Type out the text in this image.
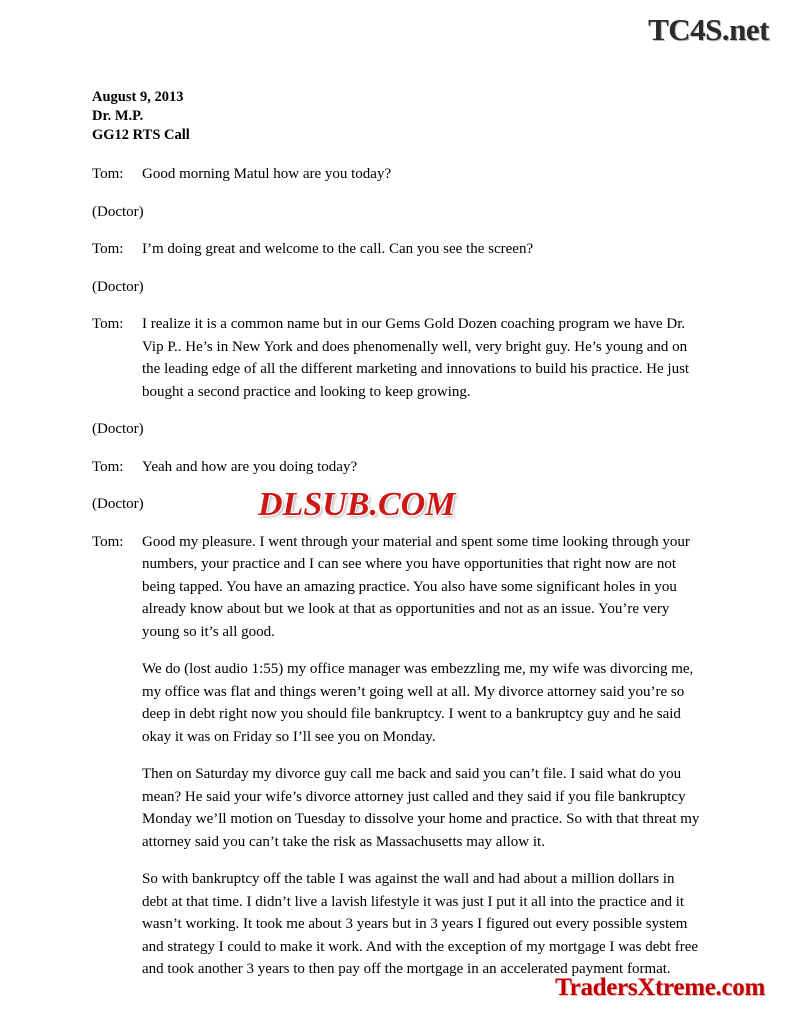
TC4S.net

August 9, 2013

Dr. M.P.

GG12 RTS Call

Tom:	Good morning Matul how are you today?
(Doctor)
Tom:	I’m doing great and welcome to the call. Can you see the screen?
(Doctor)
Tom:	I realize it is a common name but in our Gems Gold Dozen coaching program we have Dr. Vip P.. He’s in New York and does phenomenally well, very bright guy. He’s young and on the leading edge of all the different marketing and innovations to build his practice. He just bought a second practice and looking to keep growing.
(Doctor)
Tom:	Yeah and how are you doing today?
(Doctor)
Tom:	Good my pleasure. I went through your material and spent some time looking through your numbers, your practice and I can see where you have opportunities that right now are not being tapped. You have an amazing practice. You also have some significant holes in you already know about but we look at that as opportunities and not as an issue. You’re very young so it’s all good.

We do (lost audio 1:55) my office manager was embezzling me, my wife was divorcing me, my office was flat and things weren’t going well at all. My divorce attorney said you’re so deep in debt right now you should file bankruptcy. I went to a bankruptcy guy and he said okay it was on Friday so I’ll see you on Monday.

Then on Saturday my divorce guy call me back and said you can’t file. I said what do you mean? He said your wife’s divorce attorney just called and they said if you file bankruptcy Monday we’ll motion on Tuesday to dissolve your home and practice. So with that threat my attorney said you can’t take the risk as Massachusetts may allow it.

So with bankruptcy off the table I was against the wall and had about a million dollars in debt at that time. I didn’t live a lavish lifestyle it was just I put it all into the practice and it wasn’t working. It took me about 3 years but in 3 years I figured out every possible system and strategy I could to make it work. And with the exception of my mortgage I was debt free and took another 3 years to then pay off the mortgage in an accelerated payment format.

DLSUB.COM
TradersXtreme.com
